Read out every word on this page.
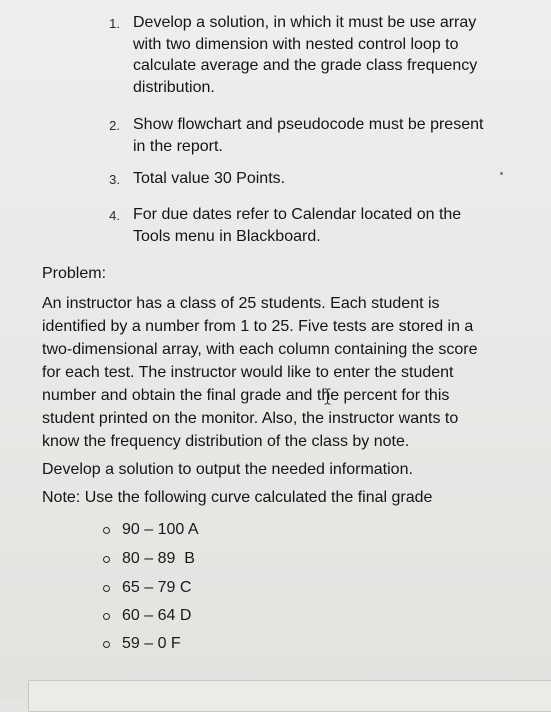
1. Develop a solution, in which it must be use array
with two dimension with nested control loop to
calculate average and the grade class frequency
distribution.
2. Show flowchart and pseudocode must be present
in the report.
3. Total value 30 Points.
4. For due dates refer to Calendar located on the
Tools menu in Blackboard.
Problem:
An instructor has a class of 25 students. Each student is
identified by a number from 1 to 25. Five tests are stored in a
two-dimensional array, with each column containing the score
for each test. The instructor would like to enter the student
number and obtain the final grade and the percent for this
student printed on the monitor. Also, the instructor wants to
know the frequency distribution of the class by note.
Develop a solution to output the needed information.
Note: Use the following curve calculated the final grade
90 – 100 A
80 – 89  B
65 – 79 C
60 – 64 D
59 – 0 F
